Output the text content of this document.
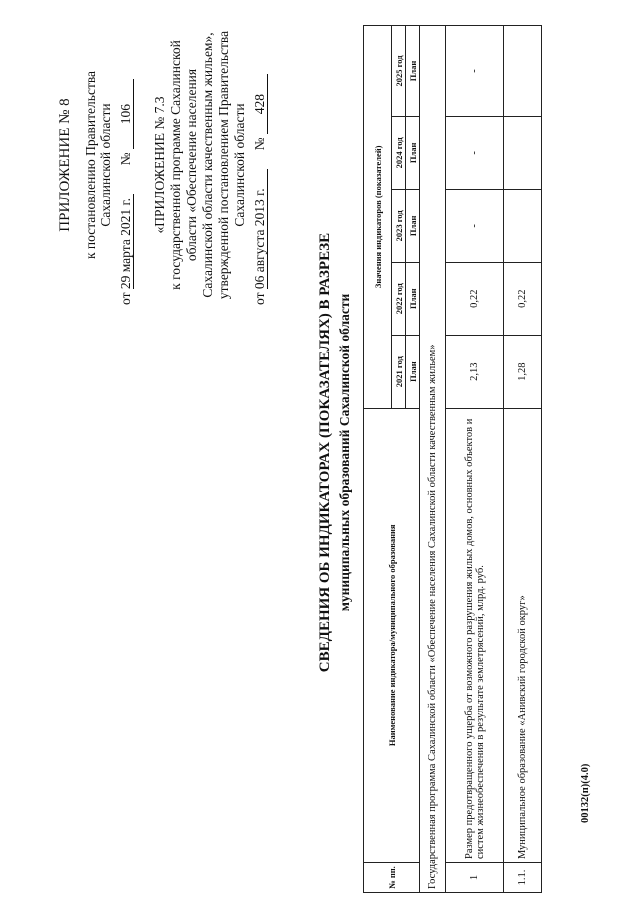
ПРИЛОЖЕНИЕ № 8 к постановлению Правительства Сахалинской области
от 29 марта 2021 г.  № 106 «ПРИЛОЖЕНИЕ № 7.3 к государственной программе Сахалинской области «Обеспечение населения Сахалинской области качественным жильем», утвержденной постановлением Правительства Сахалинской области
от 06 августа 2013 г.  № 428
СВЕДЕНИЯ ОБ ИНДИКАТОРАХ (ПОКАЗАТЕЛЯХ) В РАЗРЕЗЕ муниципальных образований Сахалинской области
№ пп.	Наименование индикатора/муниципального образования	Значения индикаторов (показателей)				
		2021 год	2022 год	2023 год	2024 год	2025 год
		План	План	План	План	План
Государственная программа Сахалинской области «Обеспечение населения Сахалинской области качественным жильем»						
1	Размер предотвращенного ущерба от возможного разрушения жилых домов, основных объектов и систем жизнеобеспечения в результате землетрясений, млрд. руб.	2,13	0,22	-	-	-
1.1.	Муниципальное образование «Анивский городской округ»	1,28	0,22			
00132(п)(4.0)
